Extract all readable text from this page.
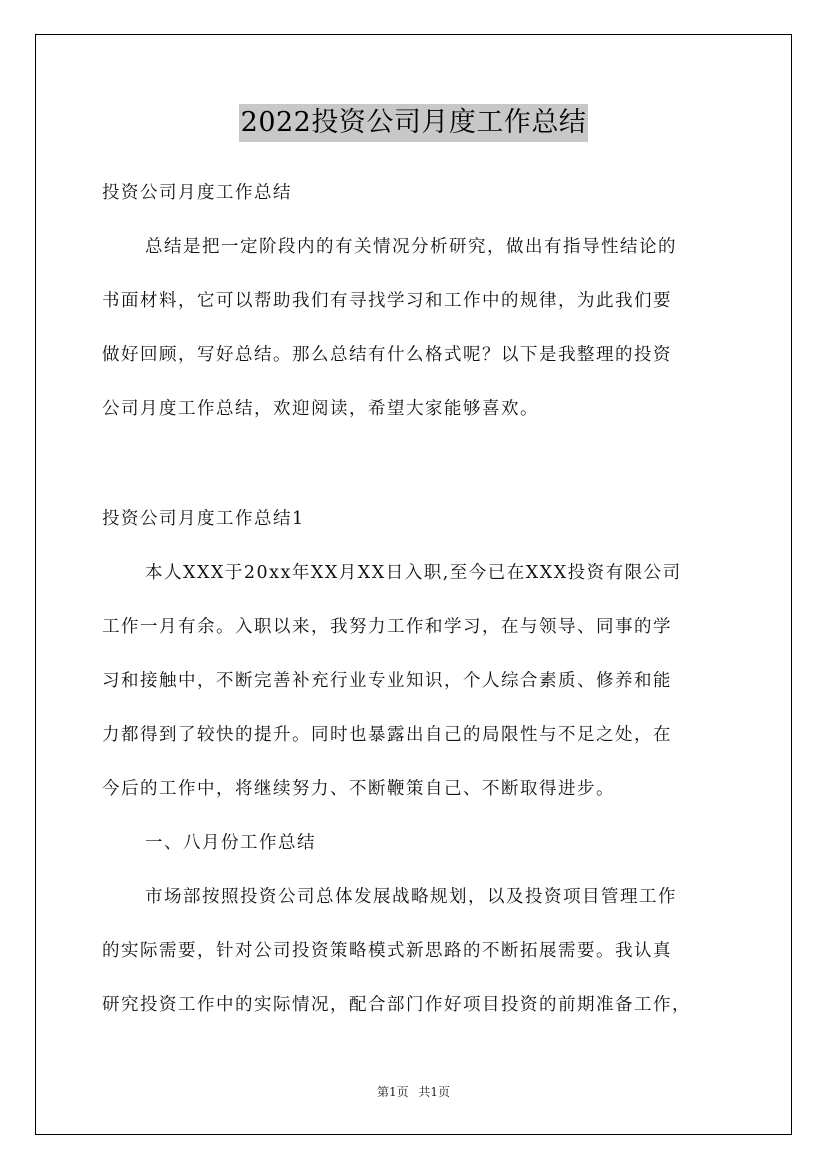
2022投资公司月度工作总结
投资公司月度工作总结
总结是把一定阶段内的有关情况分析研究，做出有指导性结论的
书面材料，它可以帮助我们有寻找学习和工作中的规律，为此我们要
做好回顾，写好总结。那么总结有什么格式呢？以下是我整理的投资
公司月度工作总结，欢迎阅读，希望大家能够喜欢。
投资公司月度工作总结1
本人XXX于20xx年XX月XX日入职,至今已在XXX投资有限公司
工作一月有余。入职以来，我努力工作和学习，在与领导、同事的学
习和接触中，不断完善补充行业专业知识，个人综合素质、修养和能
力都得到了较快的提升。同时也暴露出自己的局限性与不足之处，在
今后的工作中，将继续努力、不断鞭策自己、不断取得进步。
一、八月份工作总结
市场部按照投资公司总体发展战略规划，以及投资项目管理工作
的实际需要，针对公司投资策略模式新思路的不断拓展需要。我认真
研究投资工作中的实际情况，配合部门作好项目投资的前期准备工作，
第1页 共1页
